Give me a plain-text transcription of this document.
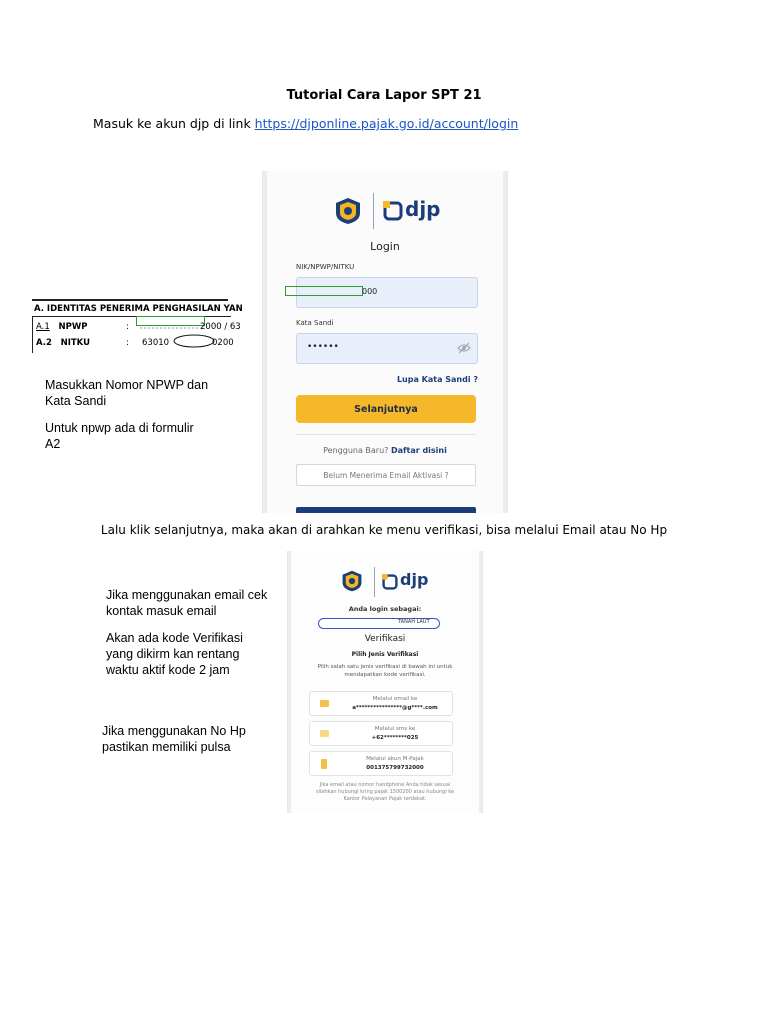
Tutorial Cara Lapor SPT 21
Masuk ke akun djp di link https://djponline.pajak.go.id/account/login
A. IDENTITAS PENERIMA PENGHASILAN YAN
A.1 NPWP	:	2000 / 63
A.2 NITKU	: 63010	0200
Masukkan Nomor NPWP dan
Kata Sandi
Untuk npwp ada di formulir
A2
djp
Login
NIK/NPWP/NITKU
000
Kata Sandi
••••••
Lupa Kata Sandi ?
Selanjutnya
Pengguna Baru? Daftar disini
Belum Menerima Email Aktivasi ?
Lalu klik selanjutnya, maka akan di arahkan ke menu verifikasi, bisa melalui Email atau No Hp
Jika menggunakan email cek
kontak masuk email
Akan ada kode Verifikasi
yang dikirm kan rentang
waktu aktif kode 2 jam
Jika menggunakan No Hp
pastikan memiliki pulsa
djp
Anda login sebagai:
TANAH LAUT
Verifikasi
Pilih Jenis Verifikasi
Pilih salah satu jenis verifikasi di bawah ini untuk mendapatkan kode verifikasi.
Melalui email ke
a****************@g****.com
Melalui sms ke
+62********025
Melalui akun M-Pajak
001375799732000
Jika email atau nomor handphone Anda tidak sesuai silahkan hubungi kring pajak 1500200 atau hubungi ke Kantor Pelayanan Pajak terdekat.
